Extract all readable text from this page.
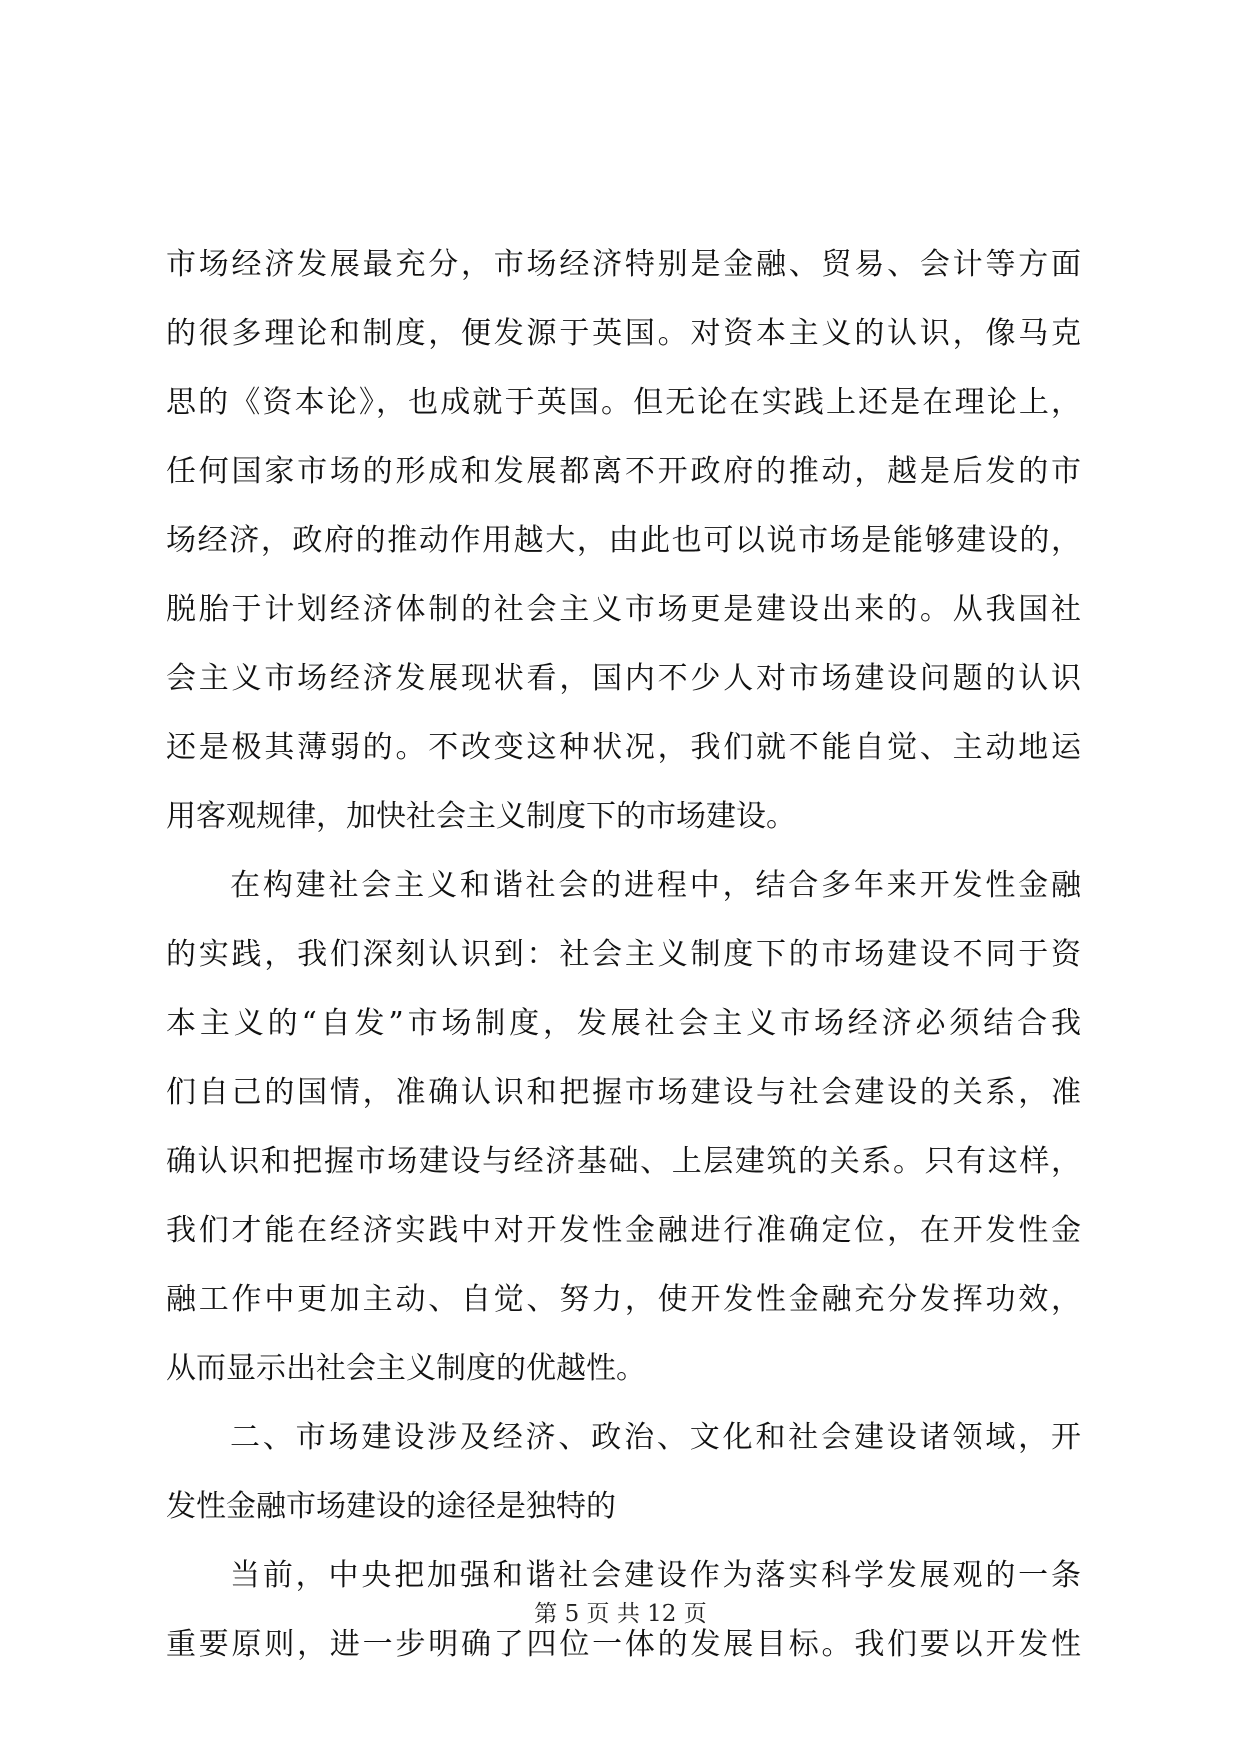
市场经济发展最充分，市场经济特别是金融、贸易、会计等方面
的很多理论和制度，便发源于英国。对资本主义的认识，像马克
思的《资本论》，也成就于英国。但无论在实践上还是在理论上，
任何国家市场的形成和发展都离不开政府的推动，越是后发的市
场经济，政府的推动作用越大，由此也可以说市场是能够建设的，
脱胎于计划经济体制的社会主义市场更是建设出来的。从我国社
会主义市场经济发展现状看，国内不少人对市场建设问题的认识
还是极其薄弱的。不改变这种状况，我们就不能自觉、主动地运
用客观规律，加快社会主义制度下的市场建设。
在构建社会主义和谐社会的进程中，结合多年来开发性金融
的实践，我们深刻认识到：社会主义制度下的市场建设不同于资
本主义的“自发”市场制度，发展社会主义市场经济必须结合我
们自己的国情，准确认识和把握市场建设与社会建设的关系，准
确认识和把握市场建设与经济基础、上层建筑的关系。只有这样，
我们才能在经济实践中对开发性金融进行准确定位，在开发性金
融工作中更加主动、自觉、努力，使开发性金融充分发挥功效，
从而显示出社会主义制度的优越性。
二、市场建设涉及经济、政治、文化和社会建设诸领域，开
发性金融市场建设的途径是独特的
当前，中央把加强和谐社会建设作为落实科学发展观的一条
重要原则，进一步明确了四位一体的发展目标。我们要以开发性
第 5 页 共 12 页
